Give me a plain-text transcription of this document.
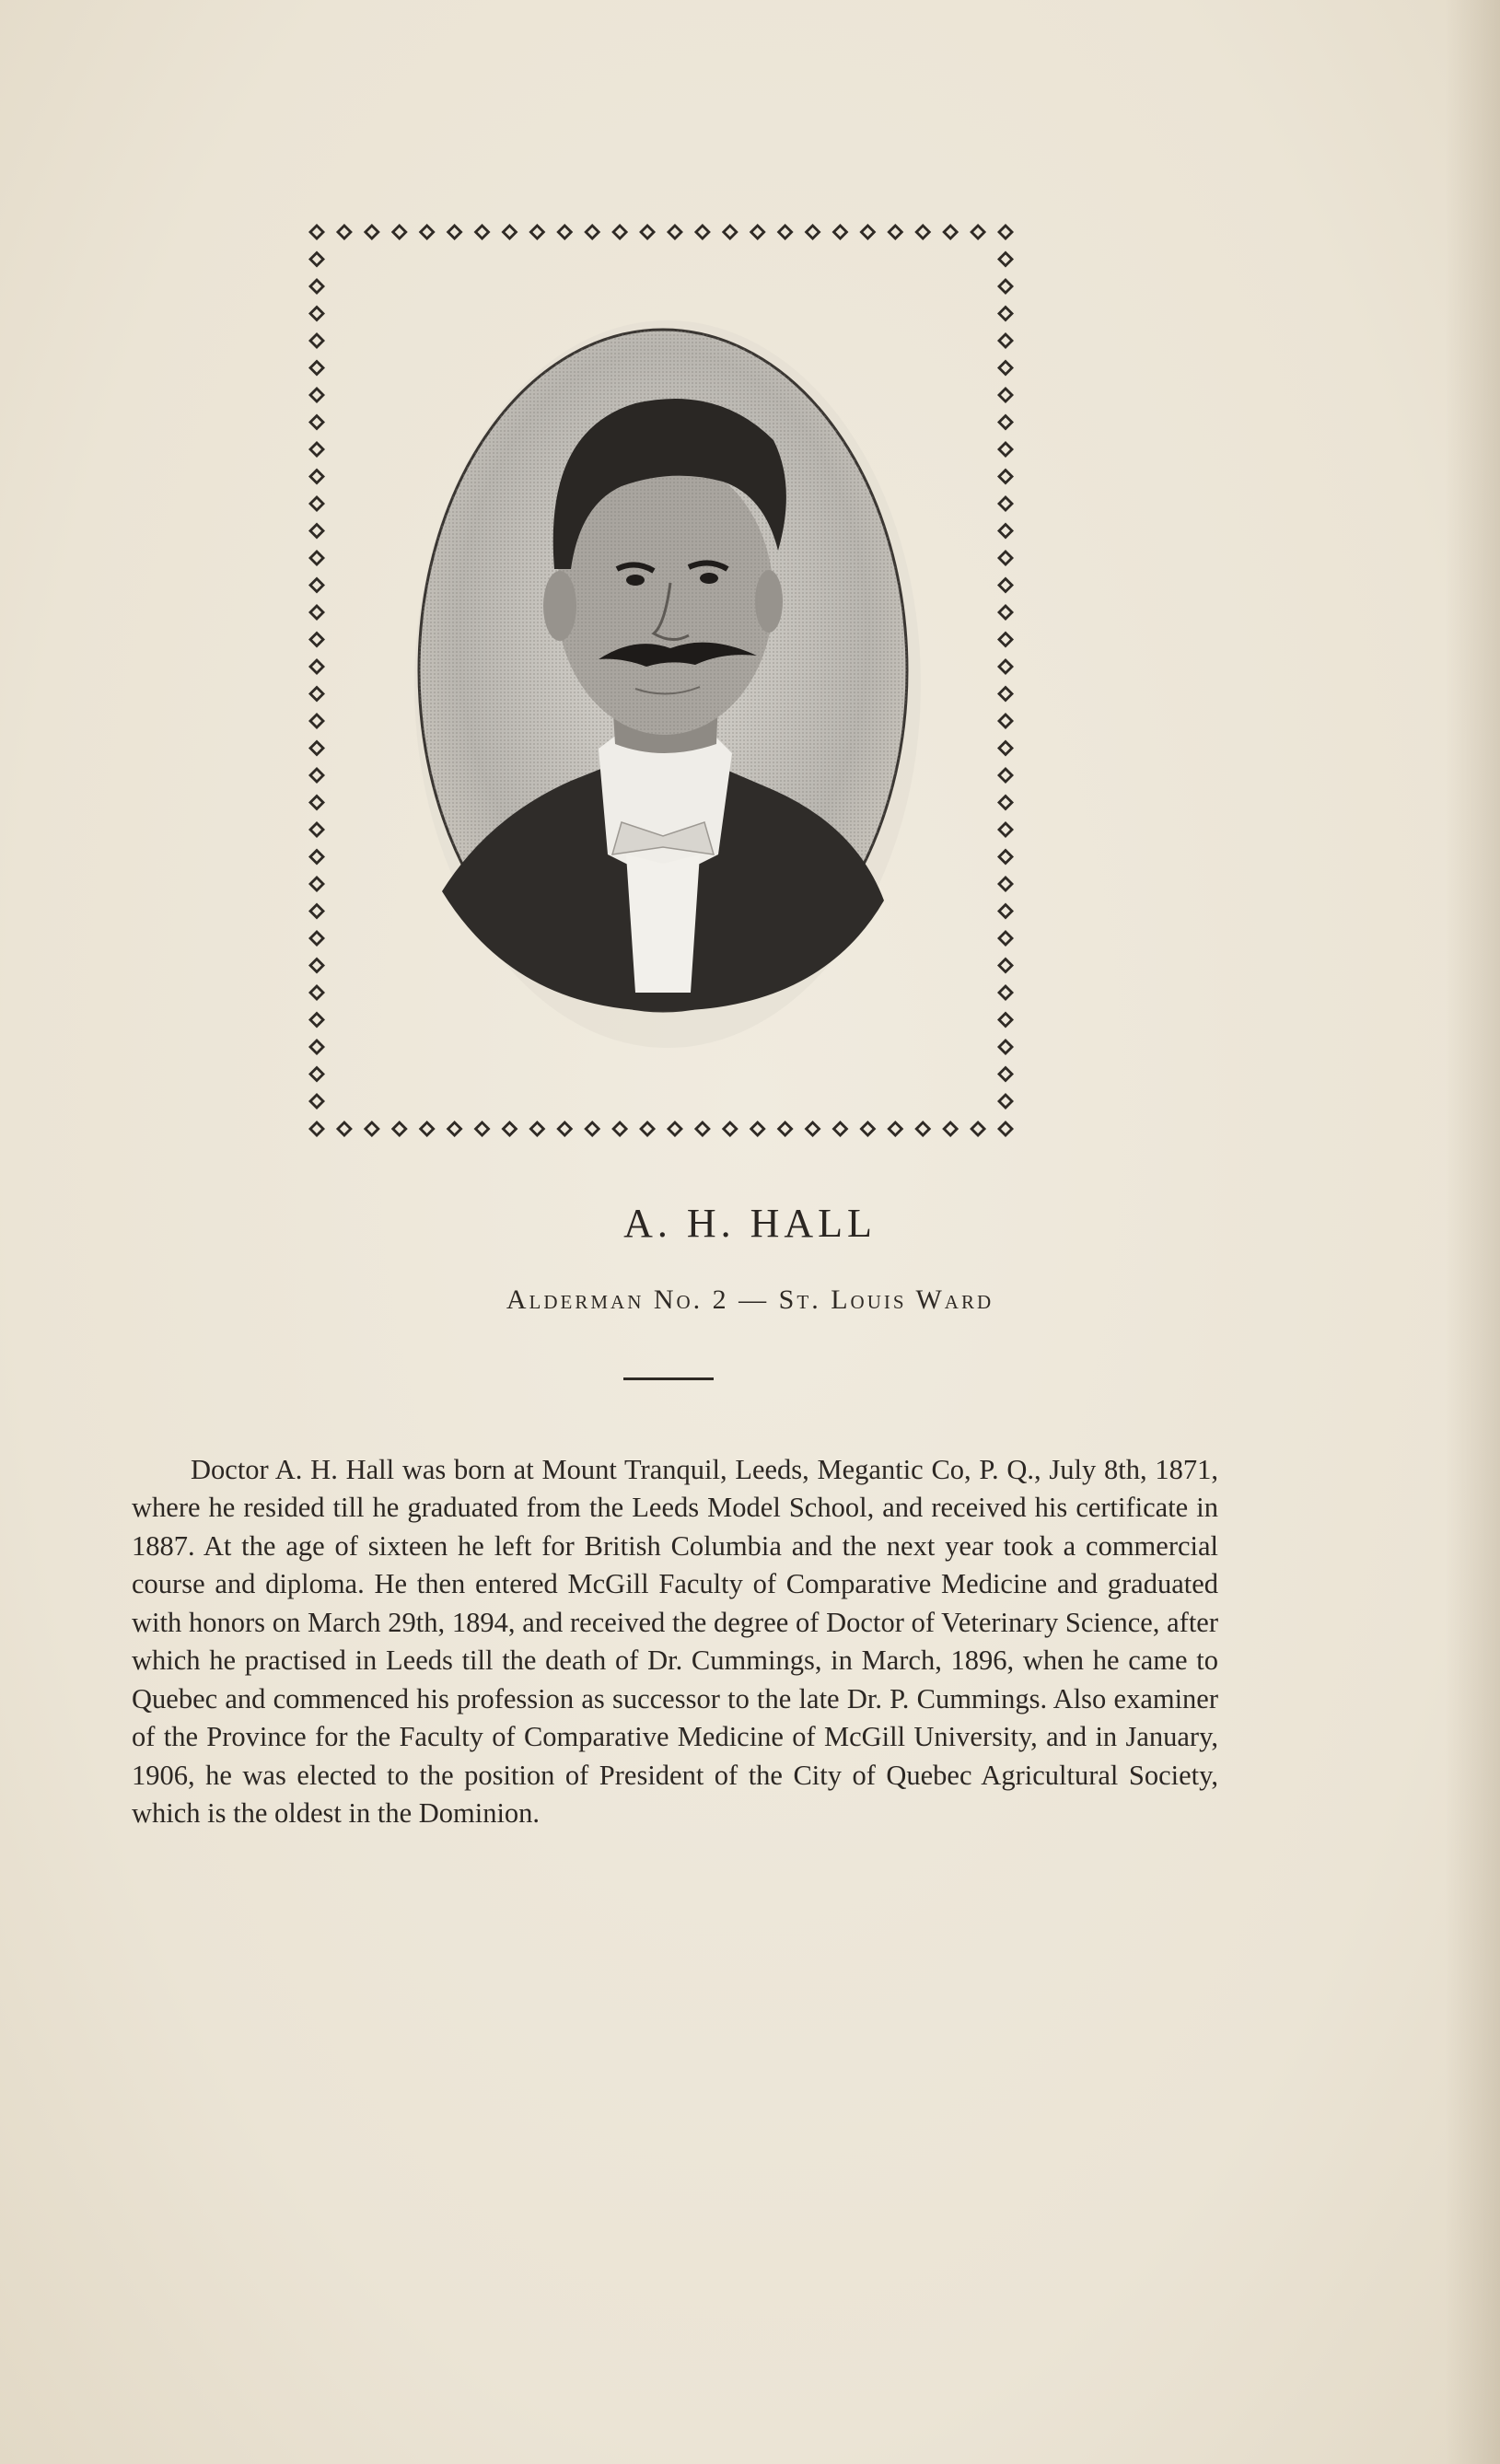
A. H. HALL
Alderman No. 2 — St. Louis Ward

Doctor A. H. Hall was born at Mount Tranquil, Leeds, Megantic Co, P. Q., July 8th, 1871, where he resided till he graduated from the Leeds Model School, and received his certificate in 1887. At the age of sixteen he left for British Columbia and the next year took a commercial course and diploma. He then entered McGill Faculty of Comparative Medicine and graduated with honors on March 29th, 1894, and received the degree of Doctor of Veterinary Science, after which he practised in Leeds till the death of Dr. Cummings, in March, 1896, when he came to Quebec and commenced his profession as successor to the late Dr. P. Cummings. Also examiner of the Province for the Faculty of Comparative Medicine of McGill University, and in January, 1906, he was elected to the position of President of the City of Quebec Agricultural Society, which is the oldest in the Dominion.
